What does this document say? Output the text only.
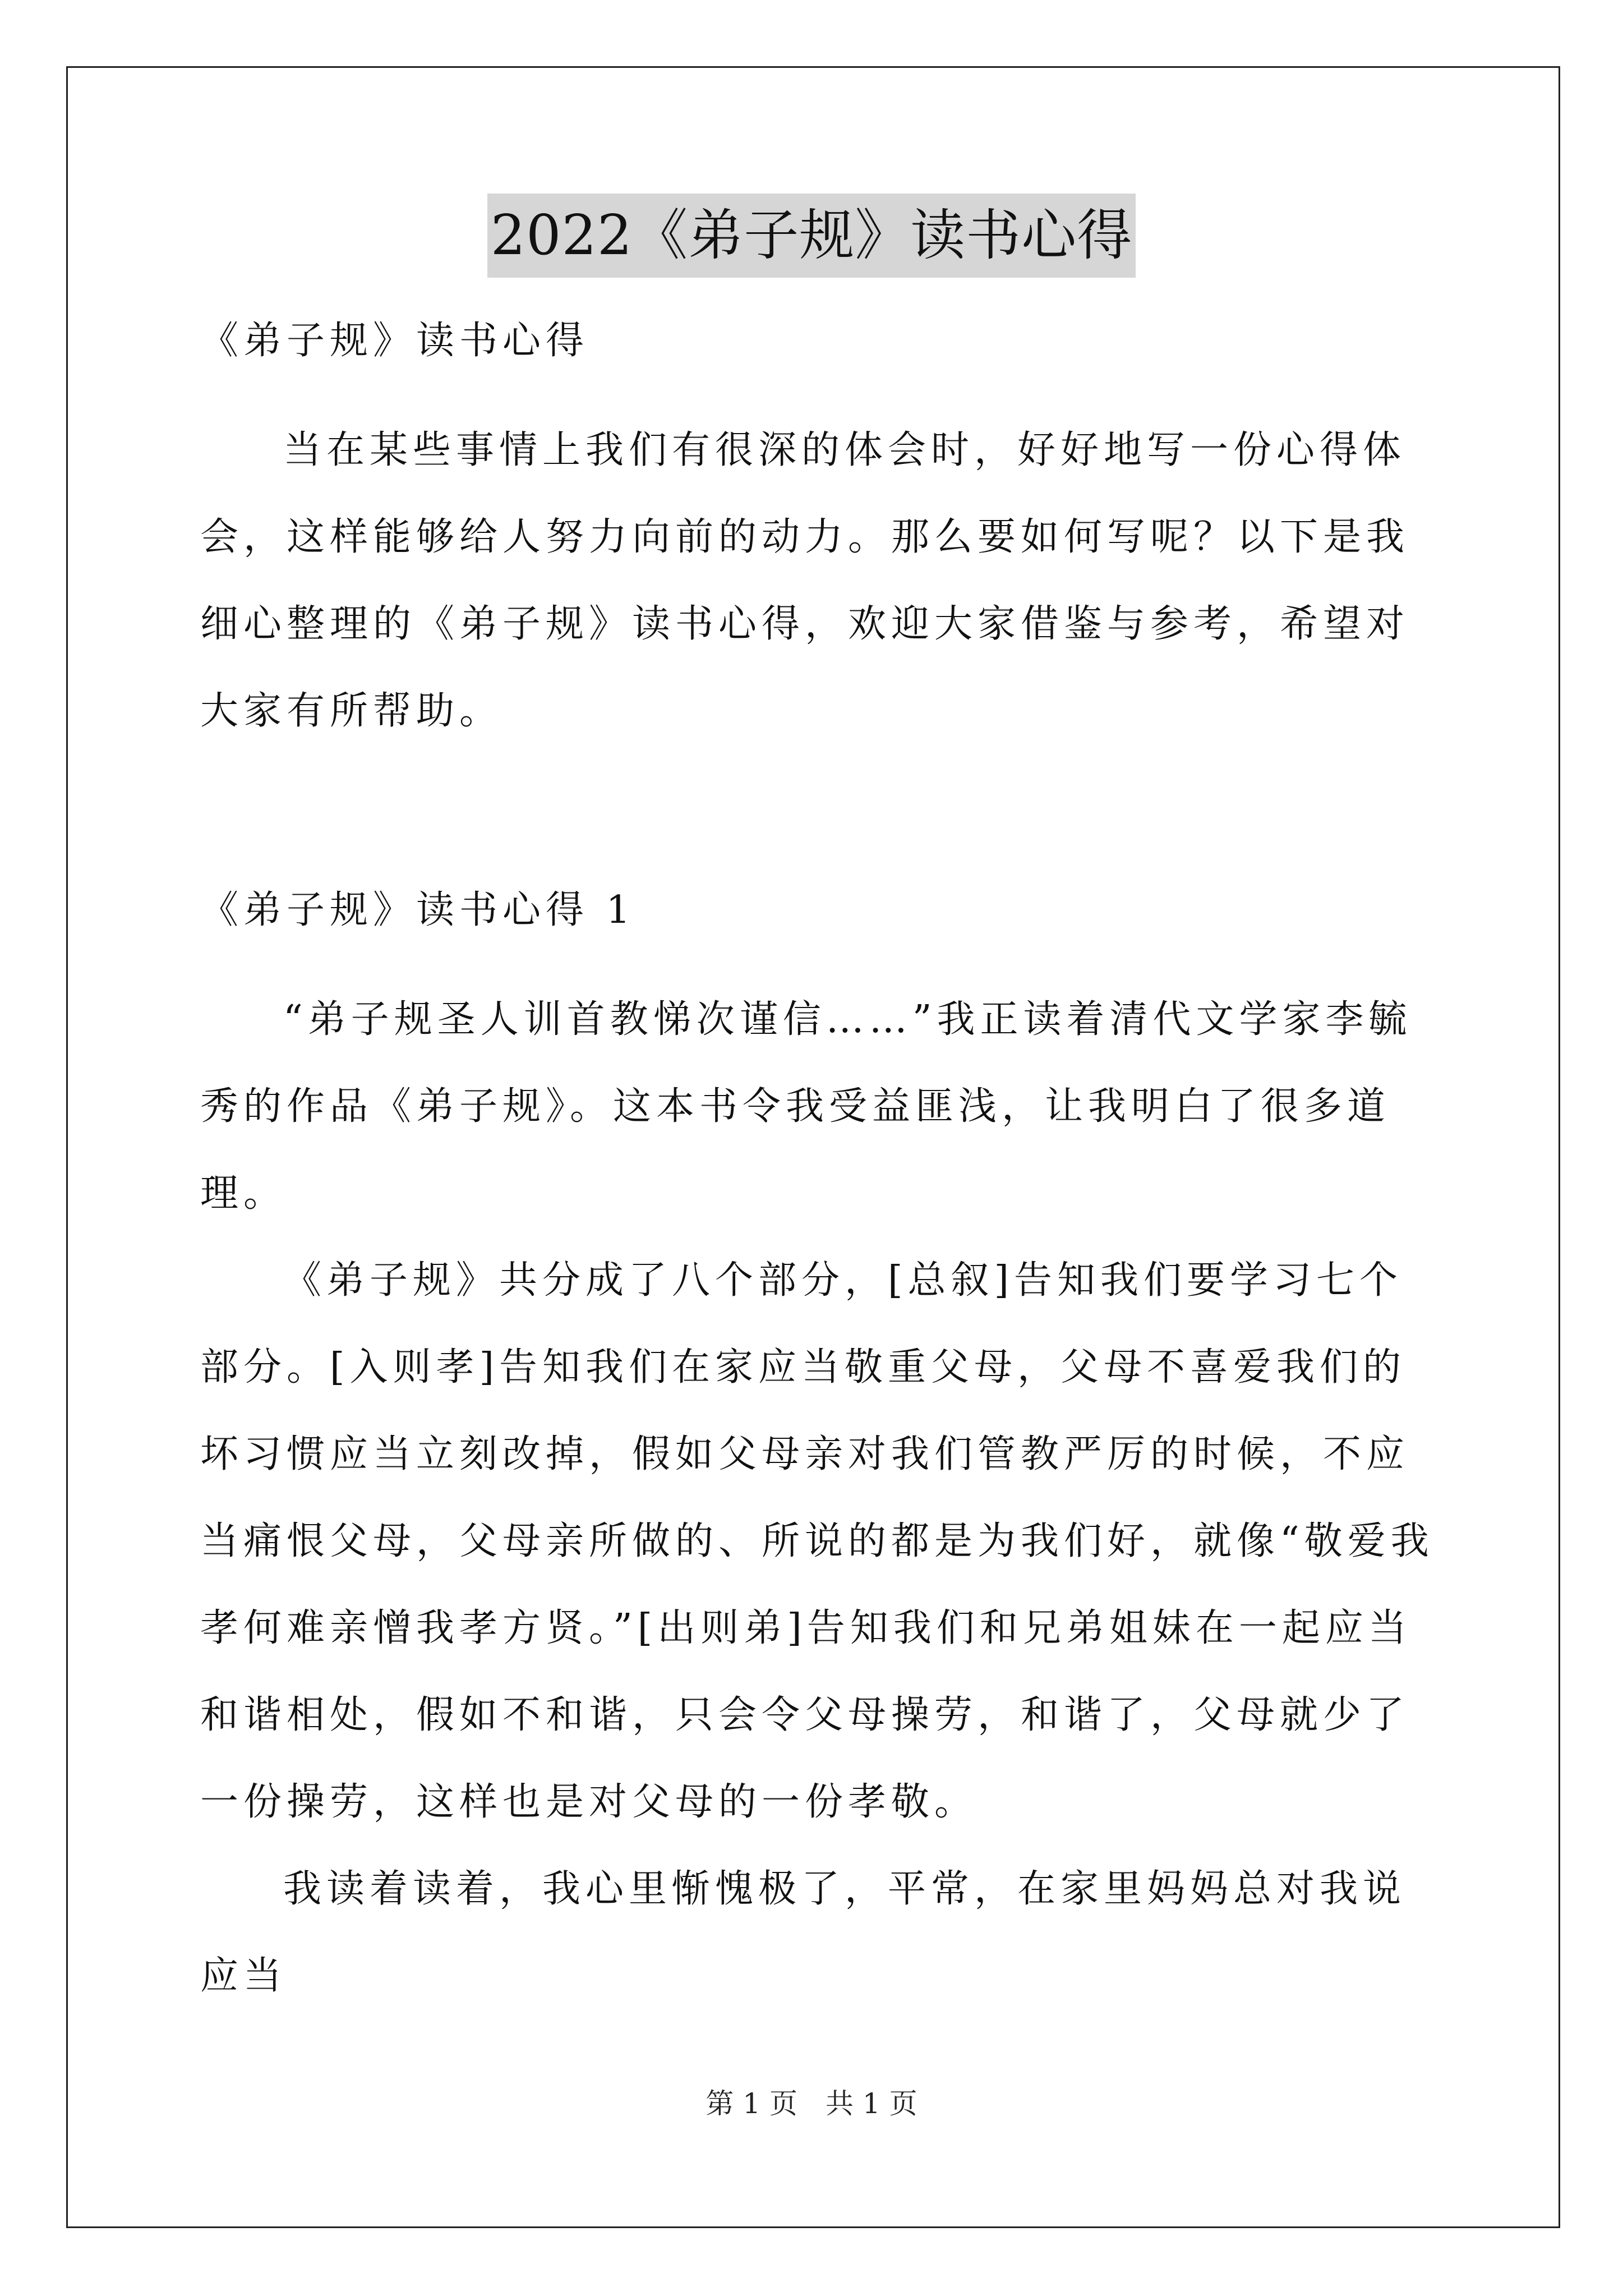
2022《弟子规》读书心得

《弟子规》读书心得

当在某些事情上我们有很深的体会时，好好地写一份心得体会，这样能够给人努力向前的动力。那么要如何写呢？以下是我细心整理的《弟子规》读书心得，欢迎大家借鉴与参考，希望对大家有所帮助。

《弟子规》读书心得 1

“弟子规圣人训首教悌次谨信……”我正读着清代文学家李毓秀的作品《弟子规》。这本书令我受益匪浅，让我明白了很多道理。

《弟子规》共分成了八个部分，[总叙]告知我们要学习七个部分。[入则孝]告知我们在家应当敬重父母，父母不喜爱我们的坏习惯应当立刻改掉，假如父母亲对我们管教严厉的时候，不应当痛恨父母，父母亲所做的、所说的都是为我们好，就像“敬爱我孝何难亲憎我孝方贤。”[出则弟]告知我们和兄弟姐妹在一起应当和谐相处，假如不和谐，只会令父母操劳，和谐了，父母就少了一份操劳，这样也是对父母的一份孝敬。

我读着读着，我心里惭愧极了，平常，在家里妈妈总对我说应当

第 1 页 共 1 页
